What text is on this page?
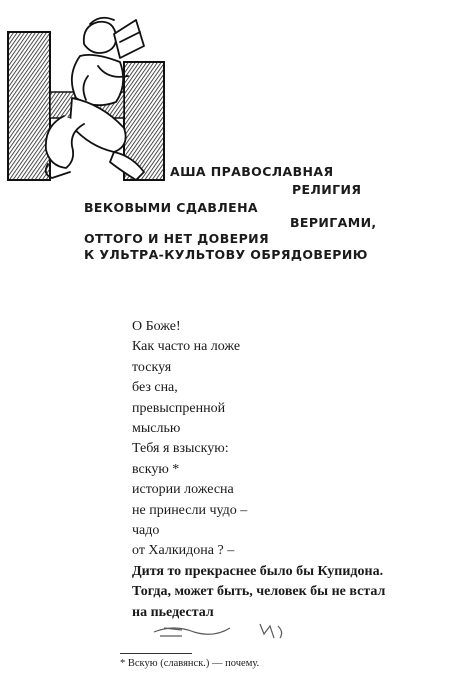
АША ПРАВОСЛАВНАЯ

РЕЛИГИЯ

ВЕКОВЫМИ СДАВЛЕНА

ВЕРИГАМИ,

ОТТОГО И НЕТ ДОВЕРИЯ

К УЛЬТРА-КУЛЬТОВУ ОБРЯДОВЕРИЮ

О Боже!
Как часто на ложе
тоскуя
без сна,
превыспренной
мыслью
Тебя я взыскую:
вскую *
истории ложесна
не принесли чудо –
чадо
от Халкидона ? –
Дитя то прекраснее было бы Купидона.
Тогда, может быть, человек бы не встал
на пьедестал
* Вскую (славянск.) — почему.
